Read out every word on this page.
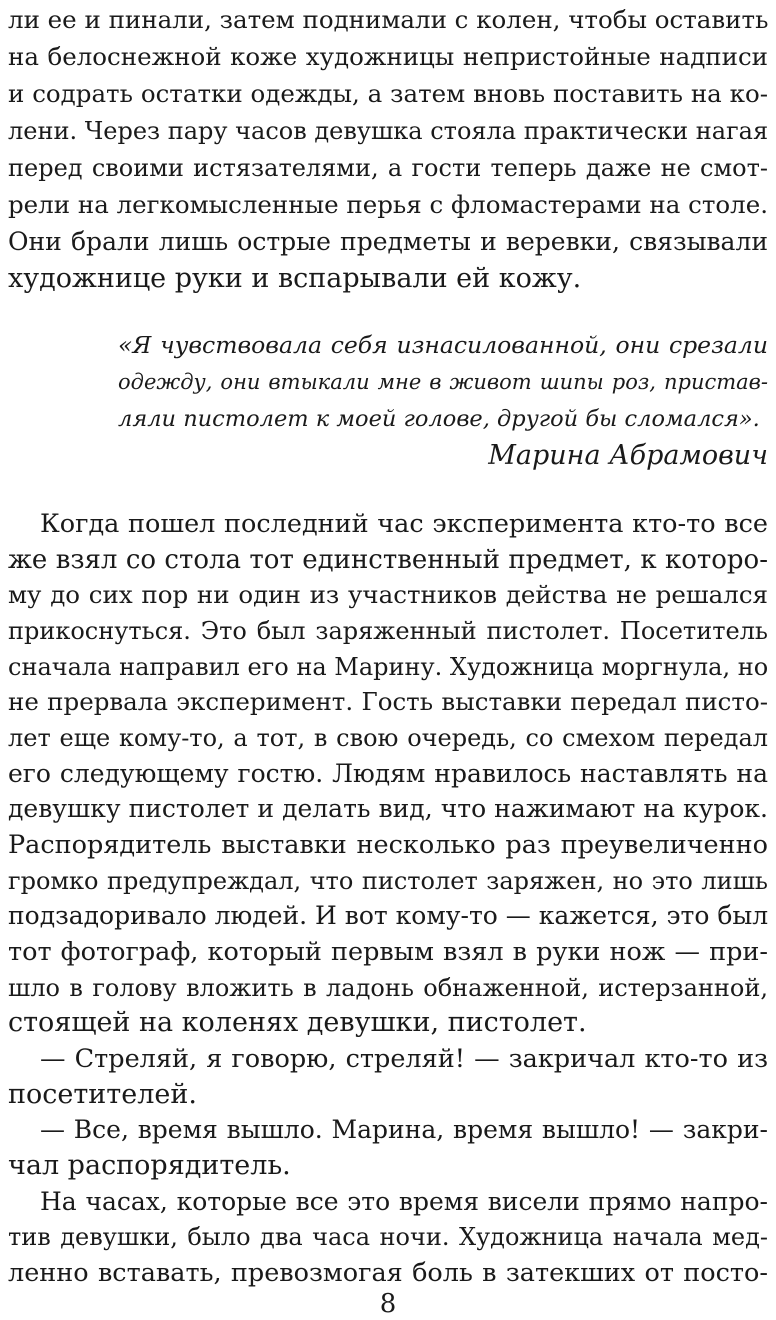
ли ее и пинали, затем поднимали с колен, чтобы оставить
на белоснежной коже художницы непристойные надписи
и содрать остатки одежды, а затем вновь поставить на ко-
лени. Через пару часов девушка стояла практически нагая
перед своими истязателями, а гости теперь даже не смот-
рели на легкомысленные перья с фломастерами на столе.
Они брали лишь острые предметы и веревки, связывали
художнице руки и вспарывали ей кожу.
«Я чувствовала себя изнасилованной, они срезали
одежду, они втыкали мне в живот шипы роз, пристав-
ляли пистолет к моей голове, другой бы сломался».
Марина Абрамович
Когда пошел последний час эксперимента кто-то все
же взял со стола тот единственный предмет, к которо-
му до сих пор ни один из участников действа не решался
прикоснуться. Это был заряженный пистолет. Посетитель
сначала направил его на Марину. Художница моргнула, но
не прервала эксперимент. Гость выставки передал писто-
лет еще кому-то, а тот, в свою очередь, со смехом передал
его следующему гостю. Людям нравилось наставлять на
девушку пистолет и делать вид, что нажимают на курок.
Распорядитель выставки несколько раз преувеличенно
громко предупреждал, что пистолет заряжен, но это лишь
подзадоривало людей. И вот кому-то — кажется, это был
тот фотограф, который первым взял в руки нож — при-
шло в голову вложить в ладонь обнаженной, истерзанной,
стоящей на коленях девушки, пистолет.
— Стреляй, я говорю, стреляй! — закричал кто-то из
посетителей.
— Все, время вышло. Марина, время вышло! — закри-
чал распорядитель.
На часах, которые все это время висели прямо напро-
тив девушки, было два часа ночи. Художница начала мед-
ленно вставать, превозмогая боль в затекших от посто-
8
